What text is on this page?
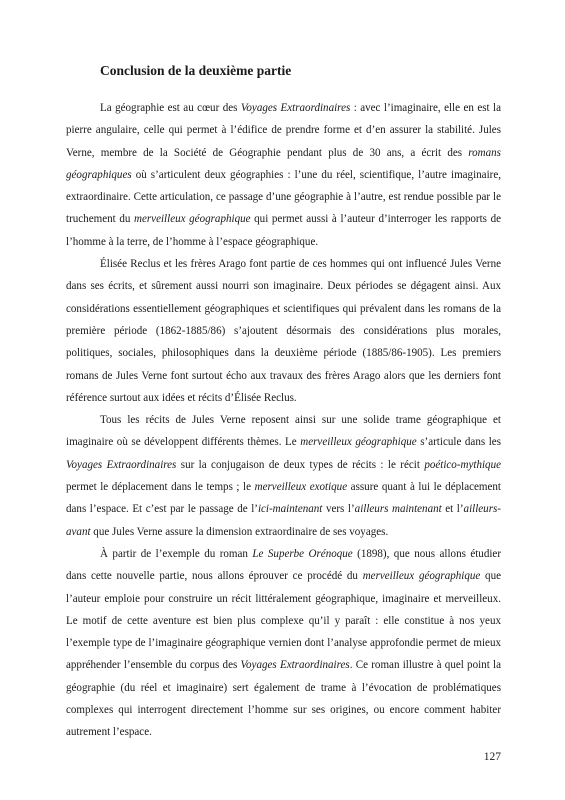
Conclusion de la deuxième partie

La géographie est au cœur des Voyages Extraordinaires : avec l’imaginaire, elle en est la pierre angulaire, celle qui permet à l’édifice de prendre forme et d’en assurer la stabilité. Jules Verne, membre de la Société de Géographie pendant plus de 30 ans, a écrit des romans géographiques où s’articulent deux géographies : l’une du réel, scientifique, l’autre imaginaire, extraordinaire. Cette articulation, ce passage d’une géographie à l’autre, est rendue possible par le truchement du merveilleux géographique qui permet aussi à l’auteur d’interroger les rapports de l’homme à la terre, de l’homme à l’espace géographique.

Élisée Reclus et les frères Arago font partie de ces hommes qui ont influencé Jules Verne dans ses écrits, et sûrement aussi nourri son imaginaire. Deux périodes se dégagent ainsi. Aux considérations essentiellement géographiques et scientifiques qui prévalent dans les romans de la première période (1862-1885/86) s’ajoutent désormais des considérations plus morales, politiques, sociales, philosophiques dans la deuxième période (1885/86-1905). Les premiers romans de Jules Verne font surtout écho aux travaux des frères Arago alors que les derniers font référence surtout aux idées et récits d’Élisée Reclus.

Tous les récits de Jules Verne reposent ainsi sur une solide trame géographique et imaginaire où se développent différents thèmes. Le merveilleux géographique s’articule dans les Voyages Extraordinaires sur la conjugaison de deux types de récits : le récit poético-mythique permet le déplacement dans le temps ; le merveilleux exotique assure quant à lui le déplacement dans l’espace. Et c’est par le passage de l’ici-maintenant vers l’ailleurs maintenant et l’ailleurs-avant que Jules Verne assure la dimension extraordinaire de ses voyages.

À partir de l’exemple du roman Le Superbe Orénoque (1898), que nous allons étudier dans cette nouvelle partie, nous allons éprouver ce procédé du merveilleux géographique que l’auteur emploie pour construire un récit littéralement géographique, imaginaire et merveilleux. Le motif de cette aventure est bien plus complexe qu’il y paraît : elle constitue à nos yeux l’exemple type de l’imaginaire géographique vernien dont l’analyse approfondie permet de mieux appréhender l’ensemble du corpus des Voyages Extraordinaires. Ce roman illustre à quel point la géographie (du réel et imaginaire) sert également de trame à l’évocation de problématiques complexes qui interrogent directement l’homme sur ses origines, ou encore comment habiter autrement l’espace.

127
